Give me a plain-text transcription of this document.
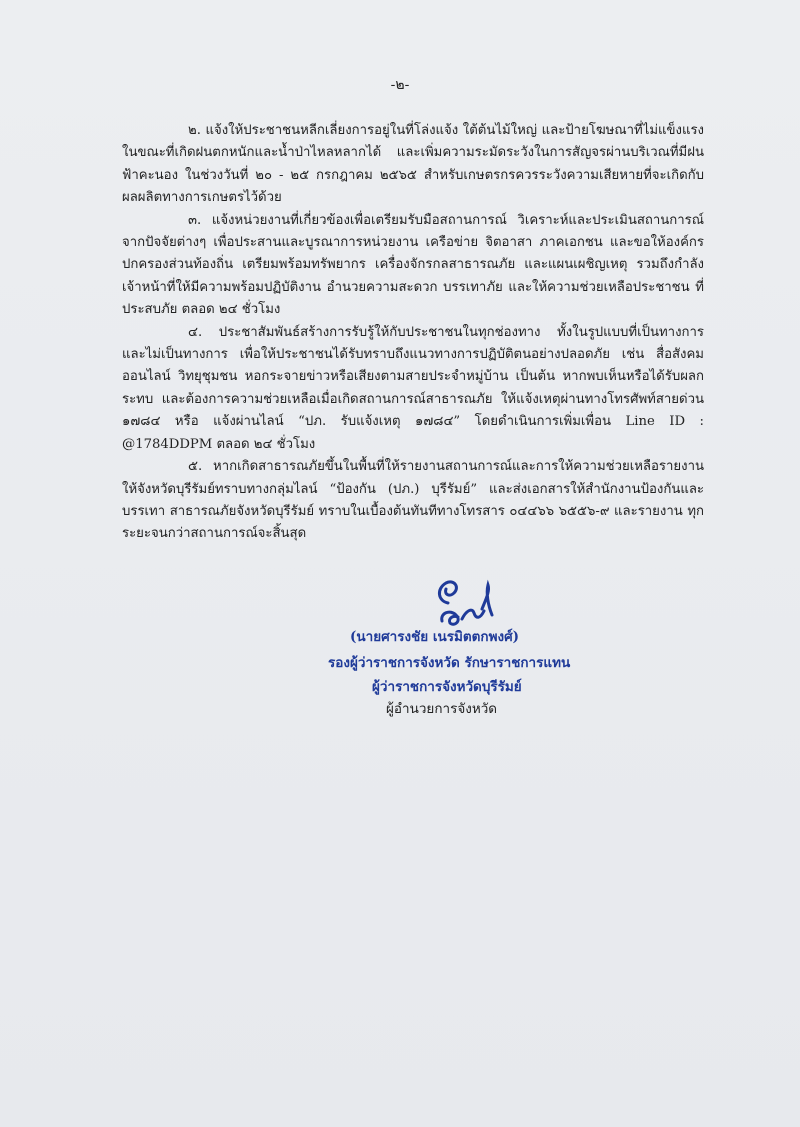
-๒-

๒. แจ้งให้ประชาชนหลีกเลี่ยงการอยู่ในที่โล่งแจ้ง ใต้ต้นไม้ใหญ่ และป้ายโฆษณาที่ไม่แข็งแรง ในขณะที่เกิดฝนตกหนักและน้ำป่าไหลหลากได้ และเพิ่มความระมัดระวังในการสัญจรผ่านบริเวณที่มีฝนฟ้าคะนอง ในช่วงวันที่ ๒๐ - ๒๕ กรกฎาคม ๒๕๖๕ สำหรับเกษตรกรควรระวังความเสียหายที่จะเกิดกับผลผลิตทางการเกษตรไว้ด้วย

๓. แจ้งหน่วยงานที่เกี่ยวข้องเพื่อเตรียมรับมือสถานการณ์ วิเคราะห์และประเมินสถานการณ์ จากปัจจัยต่างๆ เพื่อประสานและบูรณาการหน่วยงาน เครือข่าย จิตอาสา ภาคเอกชน และขอให้องค์กร ปกครองส่วนท้องถิ่น เตรียมพร้อมทรัพยากร เครื่องจักรกลสาธารณภัย และแผนเผชิญเหตุ รวมถึงกำลัง เจ้าหน้าที่ให้มีความพร้อมปฏิบัติงาน อำนวยความสะดวก บรรเทาภัย และให้ความช่วยเหลือประชาชน ที่ประสบภัย ตลอด ๒๔ ชั่วโมง

๔. ประชาสัมพันธ์สร้างการรับรู้ให้กับประชาชนในทุกช่องทาง ทั้งในรูปแบบที่เป็นทางการ และไม่เป็นทางการ เพื่อให้ประชาชนได้รับทราบถึงแนวทางการปฏิบัติตนอย่างปลอดภัย เช่น สื่อสังคมออนไลน์ วิทยุชุมชน หอกระจายข่าวหรือเสียงตามสายประจำหมู่บ้าน เป็นต้น หากพบเห็นหรือได้รับผลกระทบ และต้องการความช่วยเหลือเมื่อเกิดสถานการณ์สาธารณภัย ให้แจ้งเหตุผ่านทางโทรศัพท์สายด่วน ๑๗๘๔ หรือ แจ้งผ่านไลน์ “ปภ. รับแจ้งเหตุ ๑๗๘๔” โดยดำเนินการเพิ่มเพื่อน Line ID : @1784DDPM ตลอด ๒๔ ชั่วโมง

๕. หากเกิดสาธารณภัยขึ้นในพื้นที่ให้รายงานสถานการณ์และการให้ความช่วยเหลือรายงาน ให้จังหวัดบุรีรัมย์ทราบทางกลุ่มไลน์ “ป้องกัน (ปภ.) บุรีรัมย์” และส่งเอกสารให้สำนักงานป้องกันและบรรเทา สาธารณภัยจังหวัดบุรีรัมย์ ทราบในเบื้องต้นทันทีทางโทรสาร ๐๔๔๖๖ ๖๕๕๖-๙ และรายงาน ทุกระยะจนกว่าสถานการณ์จะสิ้นสุด

(นายศารงชัย เนรมิตตกพงศ์)
รองผู้ว่าราชการจังหวัด รักษาราชการแทน
ผู้ว่าราชการจังหวัดบุรีรัมย์
ผู้อำนวยการจังหวัด
